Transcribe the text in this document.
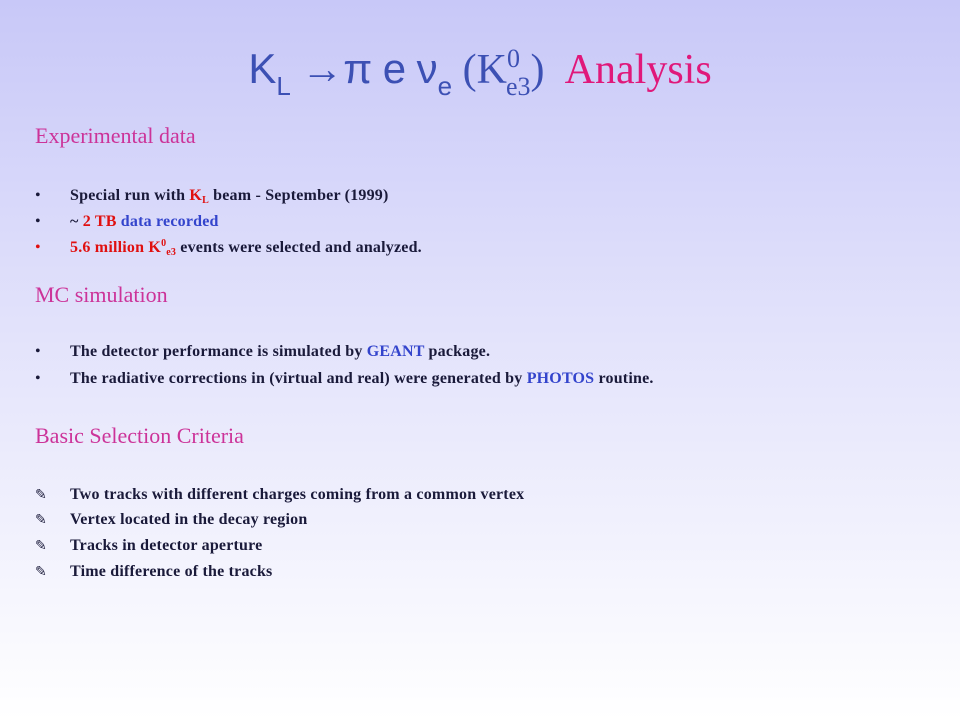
$K_L \to\pi$ e $\nu_e$ $(K^0_{e3})$ Analysis
Experimental data
• Special run with KL beam - September (1999)
• ~ 2 TB data recorded
• 5.6 million $K^0e3$ events were selected and analyzed.
MC simulation
• The detector performance is simulated by GEANT package.
• The radiative corrections in (virtual and real) were generated by PHOTOS routine.
Basic Selection Criteria
✎ Two tracks with different charges coming from a common vertex
✎ Vertex located in the decay region
✎ Tracks in detector aperture
✎ Time difference of the tracks
